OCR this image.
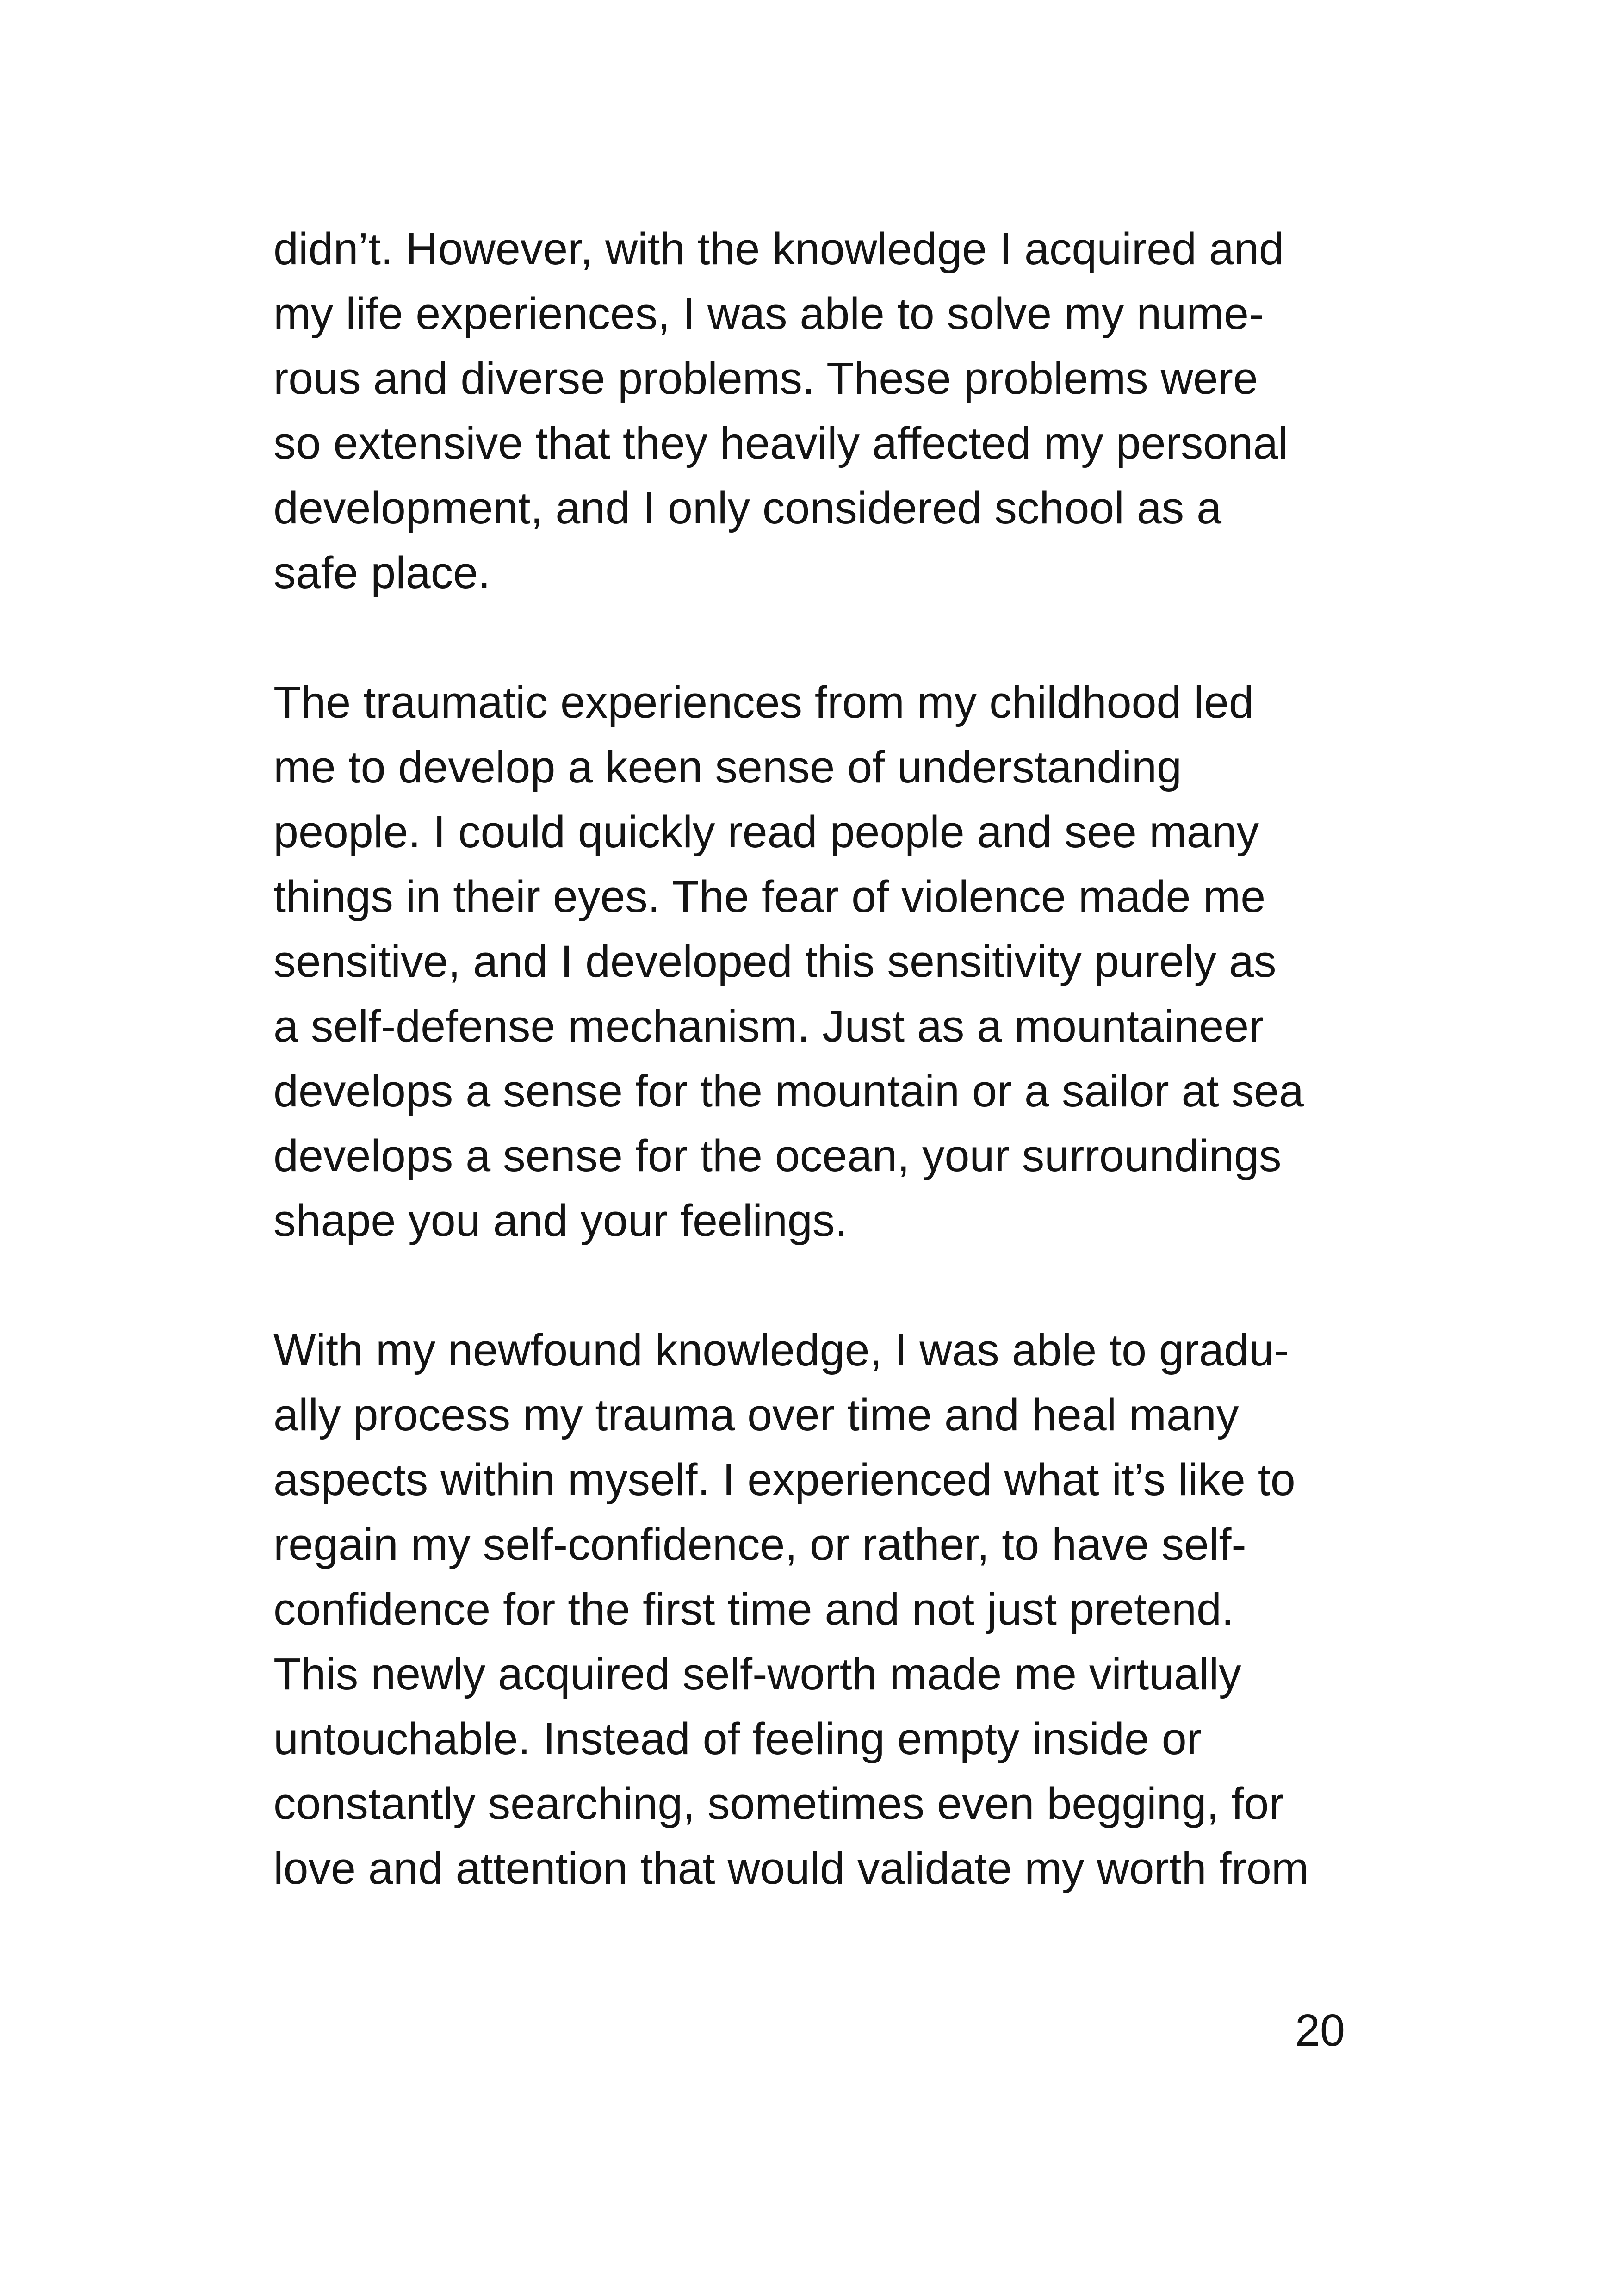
didn’t. However, with the knowledge I acquired and
my life experiences, I was able to solve my nume-
rous and diverse problems. These problems were
so extensive that they heavily affected my personal
development, and I only considered school as a
safe place.
The traumatic experiences from my childhood led
me to develop a keen sense of understanding
people. I could quickly read people and see many
things in their eyes. The fear of violence made me
sensitive, and I developed this sensitivity purely as
a self-defense mechanism. Just as a mountaineer
develops a sense for the mountain or a sailor at sea
develops a sense for the ocean, your surroundings
shape you and your feelings.
With my newfound knowledge, I was able to gradu-
ally process my trauma over time and heal many
aspects within myself. I experienced what it’s like to
regain my self-confidence, or rather, to have self-
confidence for the first time and not just pretend.
This newly acquired self-worth made me virtually
untouchable. Instead of feeling empty inside or
constantly searching, sometimes even begging, for
love and attention that would validate my worth from
20
